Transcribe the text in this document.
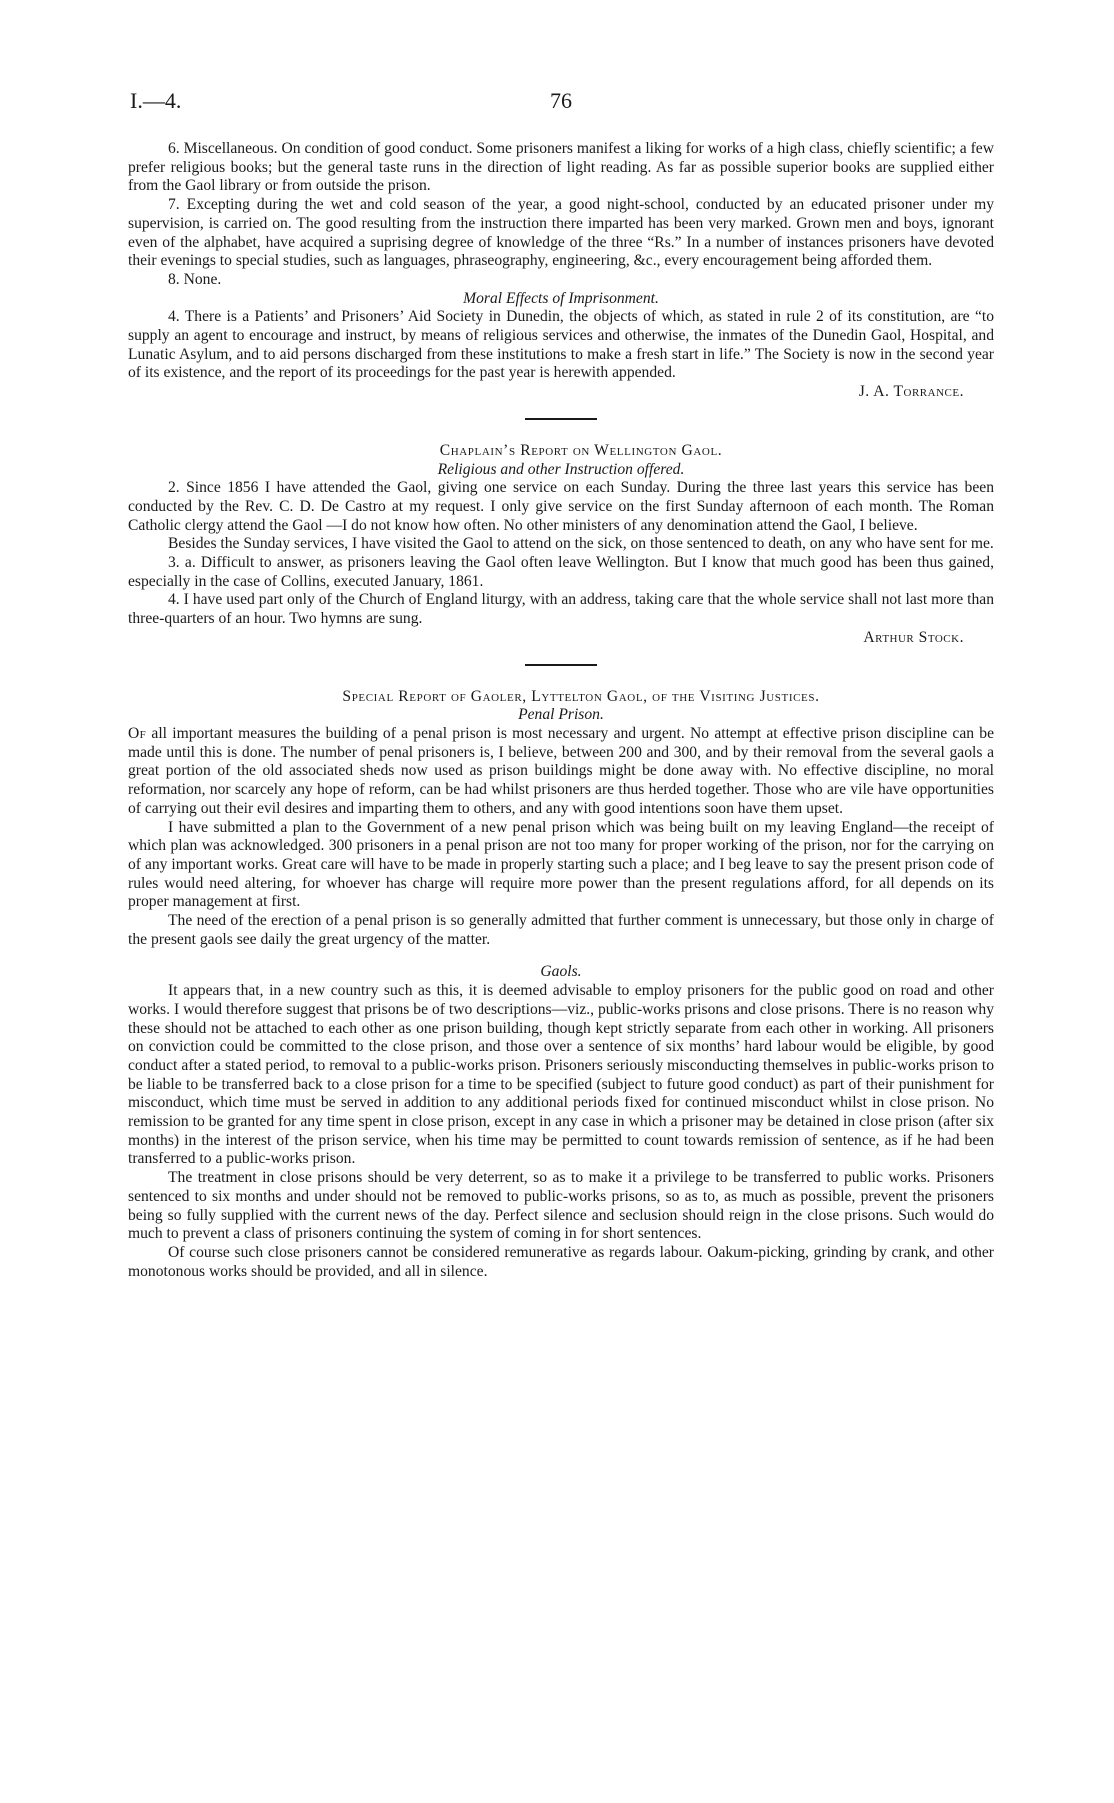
I.—4.	76

6. Miscellaneous. On condition of good conduct. Some prisoners manifest a liking for works of a high class, chiefly scientific; a few prefer religious books; but the general taste runs in the direction of light reading. As far as possible superior books are supplied either from the Gaol library or from outside the prison.

7. Excepting during the wet and cold season of the year, a good night-school, conducted by an educated prisoner under my supervision, is carried on. The good resulting from the instruction there imparted has been very marked. Grown men and boys, ignorant even of the alphabet, have acquired a suprising degree of knowledge of the three “Rs.” In a number of instances prisoners have devoted their evenings to special studies, such as languages, phraseography, engineering, &c., every encouragement being afforded them.

8. None.

Moral Effects of Imprisonment.

4. There is a Patients’ and Prisoners’ Aid Society in Dunedin, the objects of which, as stated in rule 2 of its constitution, are “to supply an agent to encourage and instruct, by means of religious services and otherwise, the inmates of the Dunedin Gaol, Hospital, and Lunatic Asylum, and to aid persons discharged from these institutions to make a fresh start in life.” The Society is now in the second year of its existence, and the report of its proceedings for the past year is herewith appended.

J. A. Torrance.

Chaplain’s Report on Wellington Gaol.

Religious and other Instruction offered.

2. Since 1856 I have attended the Gaol, giving one service on each Sunday. During the three last years this service has been conducted by the Rev. C. D. De Castro at my request. I only give service on the first Sunday afternoon of each month. The Roman Catholic clergy attend the Gaol —I do not know how often. No other ministers of any denomination attend the Gaol, I believe.

Besides the Sunday services, I have visited the Gaol to attend on the sick, on those sentenced to death, on any who have sent for me.

3. a. Difficult to answer, as prisoners leaving the Gaol often leave Wellington. But I know that much good has been thus gained, especially in the case of Collins, executed January, 1861.

4. I have used part only of the Church of England liturgy, with an address, taking care that the whole service shall not last more than three-quarters of an hour. Two hymns are sung.

Arthur Stock.

Special Report of Gaoler, Lyttelton Gaol, of the Visiting Justices.

Penal Prison.

Of all important measures the building of a penal prison is most necessary and urgent. No attempt at effective prison discipline can be made until this is done. The number of penal prisoners is, I believe, between 200 and 300, and by their removal from the several gaols a great portion of the old associated sheds now used as prison buildings might be done away with. No effective discipline, no moral reformation, nor scarcely any hope of reform, can be had whilst prisoners are thus herded together. Those who are vile have opportunities of carrying out their evil desires and imparting them to others, and any with good intentions soon have them upset.

I have submitted a plan to the Government of a new penal prison which was being built on my leaving England—the receipt of which plan was acknowledged. 300 prisoners in a penal prison are not too many for proper working of the prison, nor for the carrying on of any important works. Great care will have to be made in properly starting such a place; and I beg leave to say the present prison code of rules would need altering, for whoever has charge will require more power than the present regulations afford, for all depends on its proper management at first.

The need of the erection of a penal prison is so generally admitted that further comment is unnecessary, but those only in charge of the present gaols see daily the great urgency of the matter.

Gaols.

It appears that, in a new country such as this, it is deemed advisable to employ prisoners for the public good on road and other works. I would therefore suggest that prisons be of two descriptions—viz., public-works prisons and close prisons. There is no reason why these should not be attached to each other as one prison building, though kept strictly separate from each other in working. All prisoners on conviction could be committed to the close prison, and those over a sentence of six months’ hard labour would be eligible, by good conduct after a stated period, to removal to a public-works prison. Prisoners seriously misconducting themselves in public-works prison to be liable to be transferred back to a close prison for a time to be specified (subject to future good conduct) as part of their punishment for misconduct, which time must be served in addition to any additional periods fixed for continued misconduct whilst in close prison. No remission to be granted for any time spent in close prison, except in any case in which a prisoner may be detained in close prison (after six months) in the interest of the prison service, when his time may be permitted to count towards remission of sentence, as if he had been transferred to a public-works prison.

The treatment in close prisons should be very deterrent, so as to make it a privilege to be transferred to public works. Prisoners sentenced to six months and under should not be removed to public-works prisons, so as to, as much as possible, prevent the prisoners being so fully supplied with the current news of the day. Perfect silence and seclusion should reign in the close prisons. Such would do much to prevent a class of prisoners continuing the system of coming in for short sentences.

Of course such close prisoners cannot be considered remunerative as regards labour. Oakum-picking, grinding by crank, and other monotonous works should be provided, and all in silence.
